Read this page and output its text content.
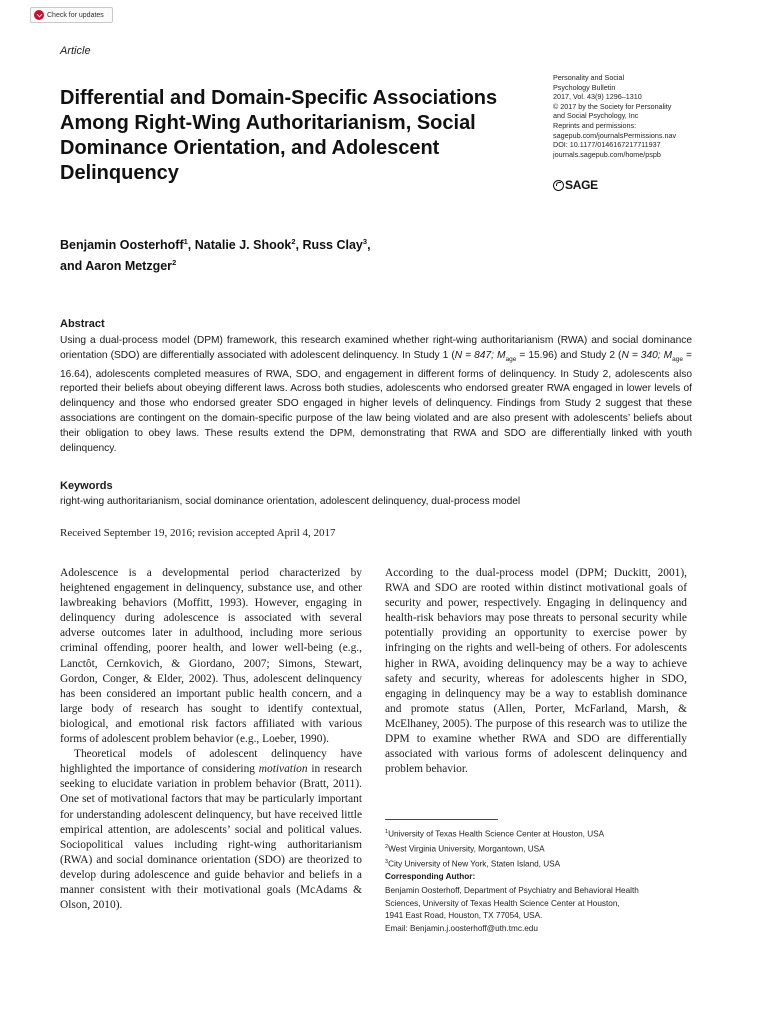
Check for updates
Article
Differential and Domain-Specific Associations Among Right-Wing Authoritarianism, Social Dominance Orientation, and Adolescent Delinquency
Personality and Social
Psychology Bulletin
2017, Vol. 43(9) 1296–1310
© 2017 by the Society for Personality
and Social Psychology, Inc
Reprints and permissions:
sagepub.com/journalsPermissions.nav
DOI: 10.1177/0146167217711937
journals.sagepub.com/home/pspb
SAGE
Benjamin Oosterhoff$^1$, Natalie J. Shook$^2$, Russ Clay$^3$,
and Aaron Metzger$^2$
Abstract

Using a dual-process model (DPM) framework, this research examined whether right-wing authoritarianism (RWA) and social dominance orientation (SDO) are differentially associated with adolescent delinquency. In Study 1 (N = 847; $M_{age} = 15.96$) and Study 2 (N = 340; $M_{age} = 16.64$), adolescents completed measures of RWA, SDO, and engagement in different forms of delinquency. In Study 2, adolescents also reported their beliefs about obeying different laws. Across both studies, adolescents who endorsed greater RWA engaged in lower levels of delinquency and those who endorsed greater SDO engaged in higher levels of delinquency. Findings from Study 2 suggest that these associations are contingent on the domain-specific purpose of the law being violated and are also present with adolescents’ beliefs about their obligation to obey laws. These results extend the DPM, demonstrating that RWA and SDO are differentially linked with youth delinquency.

Keywords
right-wing authoritarianism, social dominance orientation, adolescent delinquency, dual-process model
Received September 19, 2016; revision accepted April 4, 2017

Adolescence is a developmental period characterized by heightened engagement in delinquency, substance use, and other lawbreaking behaviors (Moffitt, 1993). However, engaging in delinquency during adolescence is associated with several adverse outcomes later in adulthood, including more serious criminal offending, poorer health, and lower well-being (e.g., Lanctôt, Cernkovich, & Giordano, 2007; Simons, Stewart, Gordon, Conger, & Elder, 2002). Thus, adolescent delinquency has been considered an important public health concern, and a large body of research has sought to identify contextual, biological, and emotional risk factors affiliated with various forms of adolescent problem behavior (e.g., Loeber, 1990).

Theoretical models of adolescent delinquency have highlighted the importance of considering motivation in research seeking to elucidate variation in problem behavior (Bratt, 2011). One set of motivational factors that may be particularly important for understanding adolescent delinquency, but have received little empirical attention, are adolescents’ social and political values. Sociopolitical values including right-wing authoritarianism (RWA) and social dominance orientation (SDO) are theorized to develop during adolescence and guide behavior and beliefs in a manner consistent with their motivational goals (McAdams & Olson, 2010).

According to the dual-process model (DPM; Duckitt, 2001), RWA and SDO are rooted within distinct motivational goals of security and power, respectively. Engaging in delinquency and health-risk behaviors may pose threats to personal security while potentially providing an opportunity to exercise power by infringing on the rights and well-being of others. For adolescents higher in RWA, avoiding delinquency may be a way to achieve safety and security, whereas for adolescents higher in SDO, engaging in delinquency may be a way to establish dominance and promote status (Allen, Porter, McFarland, Marsh, & McElhaney, 2005). The purpose of this research was to utilize the DPM to examine whether RWA and SDO are differentially associated with various forms of adolescent delinquency and problem behavior.

$^1$University of Texas Health Science Center at Houston, USA
$^2$West Virginia University, Morgantown, USA
$^3$City University of New York, Staten Island, USA
Corresponding Author:
Benjamin Oosterhoff, Department of Psychiatry and Behavioral Health
Sciences, University of Texas Health Science Center at Houston,
1941 East Road, Houston, TX 77054, USA.
Email: Benjamin.j.oosterhoff@uth.tmc.edu
